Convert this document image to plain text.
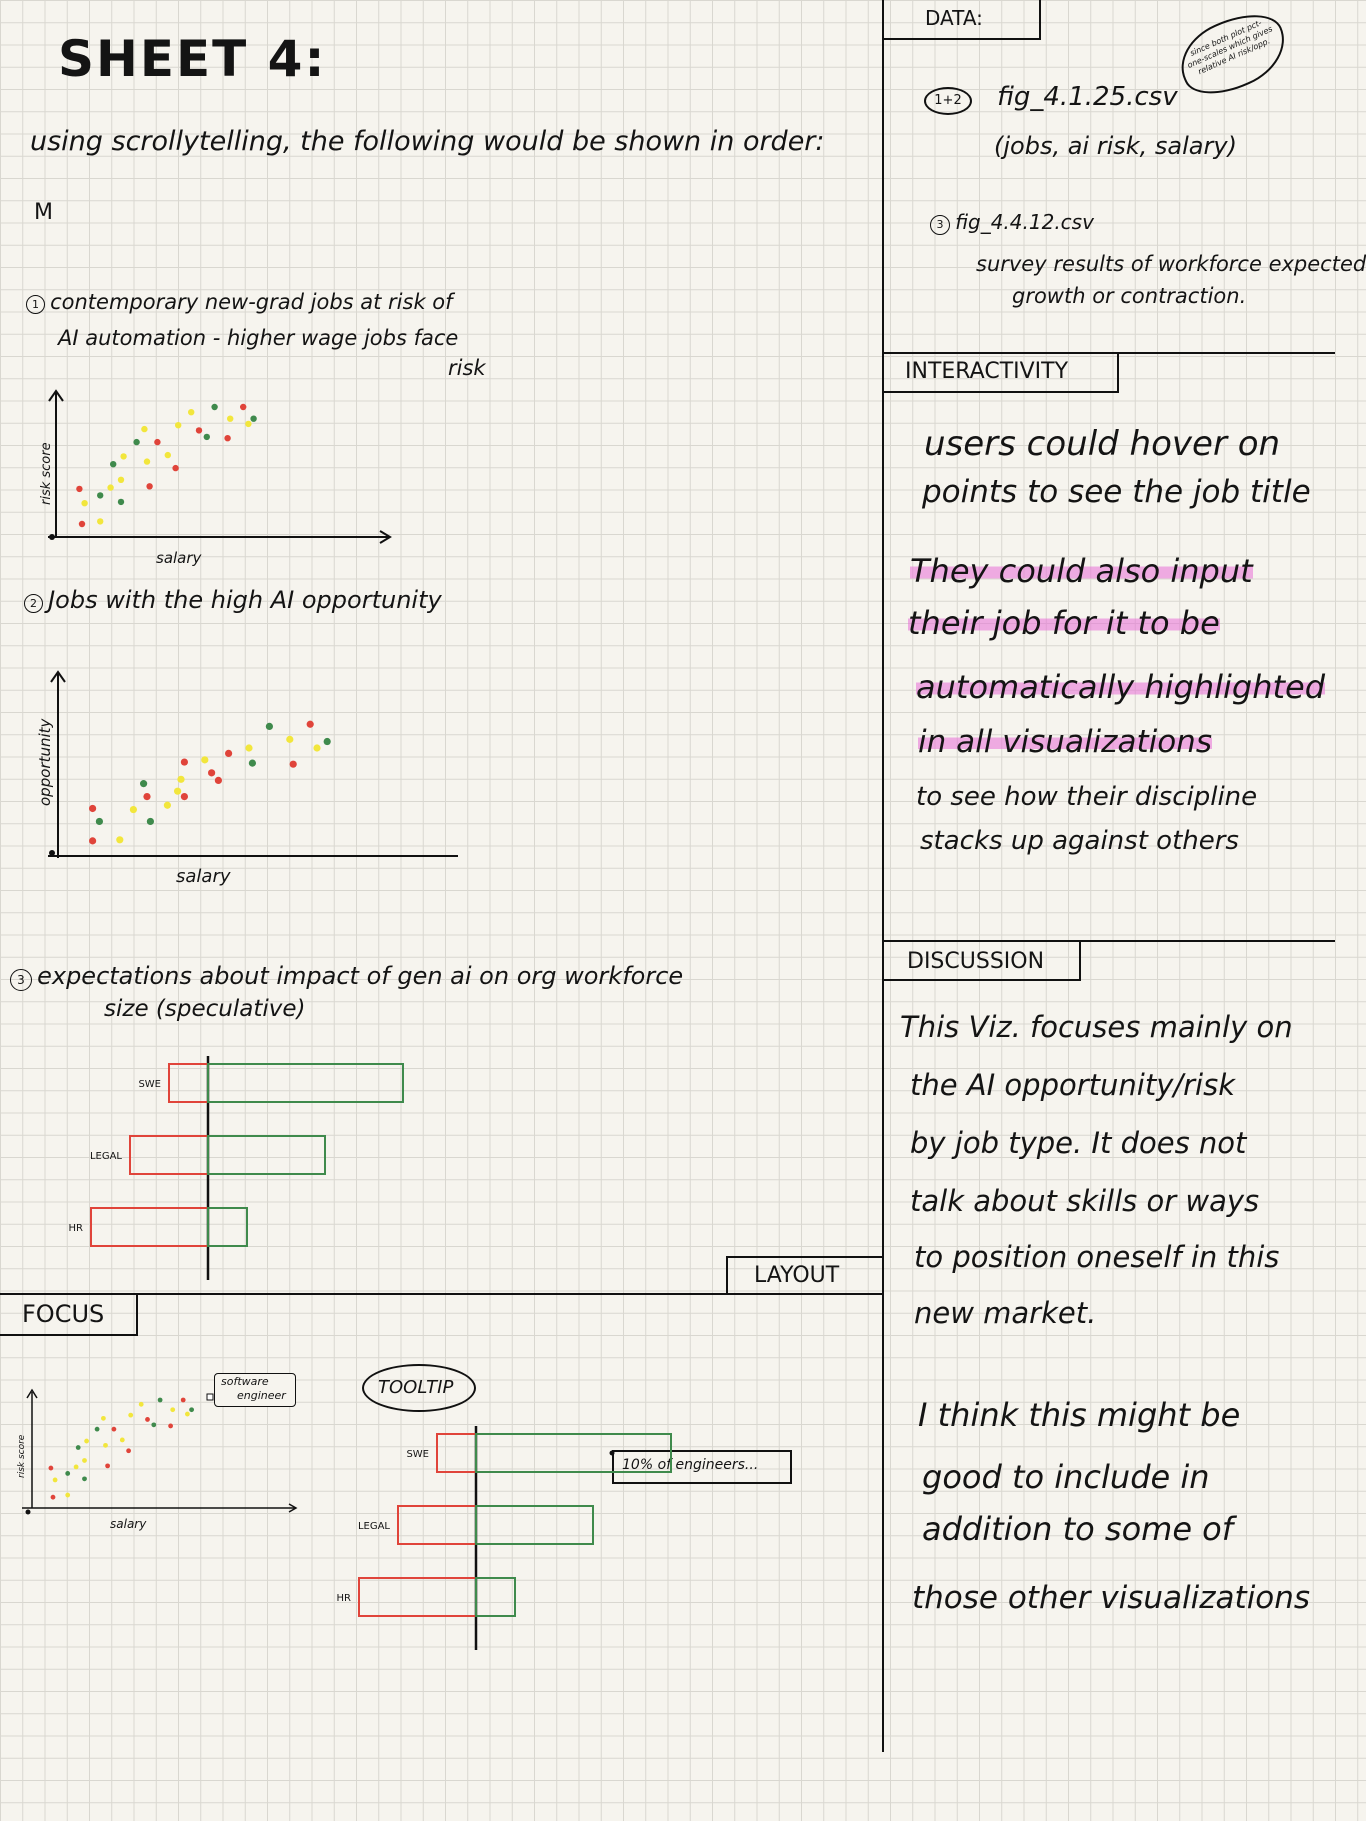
SHEET 4:
using scrollytelling, the following would be shown in order:
M
1 contemporary new-grad jobs at risk of
AI automation - higher wage jobs face
risk
risk score
salary
2 Jobs with the high AI opportunity
opportunity
salary
3 expectations about impact of gen ai on org workforce
size (speculative)
SWE
LEGAL
HR
LAYOUT
FOCUS
risk score
salary
software
engineer	TOOLTIP
10% of engineers...
SWE
LEGAL
HR
DATA:
since both plot pct-one-scales which gives relative AI risk/opp.
1+2 fig_4.1.25.csv
(jobs, ai risk, salary)
3 fig_4.4.12.csv
survey results of workforce expected
growth or contraction.
INTERACTIVITY
users could hover on
points to see the job title
They could also input
their job for it to be
automatically highlighted
in all visualizations
to see how their discipline
stacks up against others
DISCUSSION
This Viz. focuses mainly on
the AI opportunity/risk
by job type. It does not
talk about skills or ways
to position oneself in this
new market.
I think this might be
good to include in
addition to some of
those other visualizations
